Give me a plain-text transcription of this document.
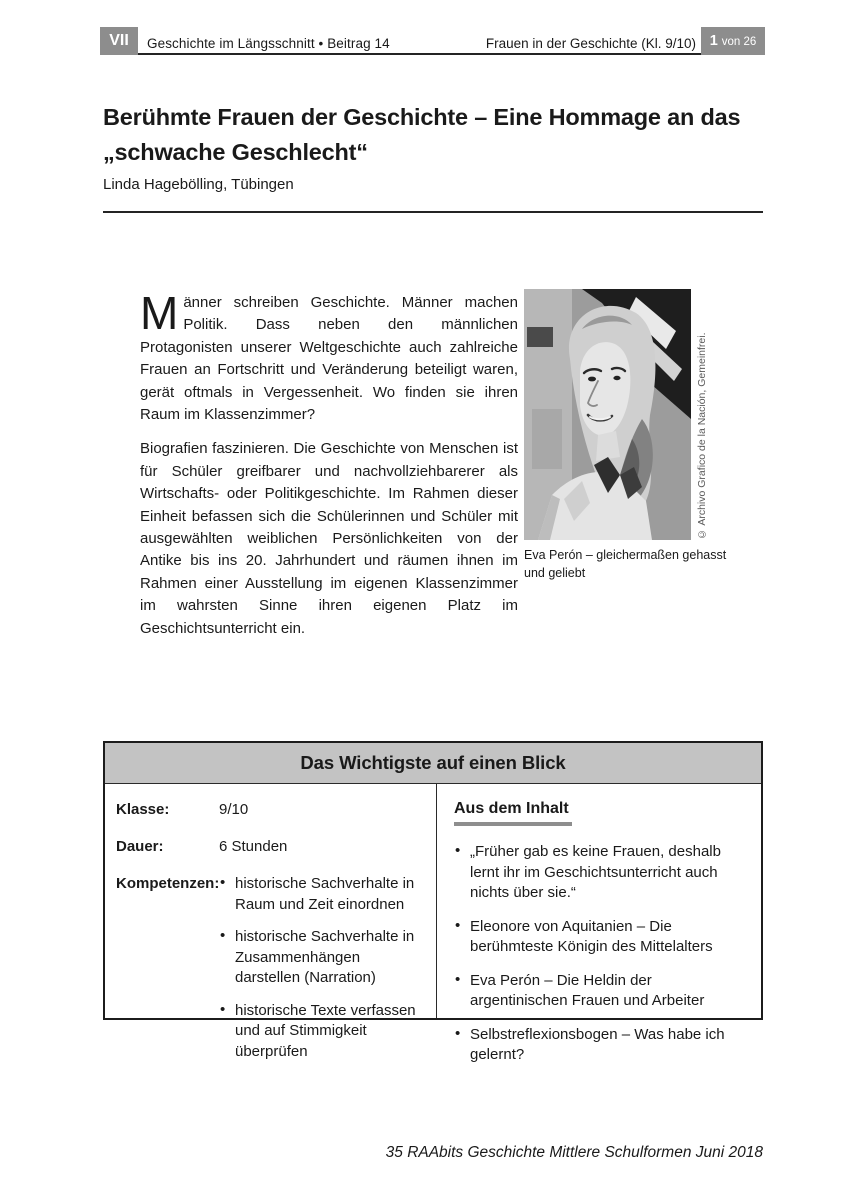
VII	Geschichte im Längsschnitt • Beitrag 14	Frauen in der Geschichte (Kl. 9/10) 1 von 26
Berühmte Frauen der Geschichte – Eine Hommage an das
„schwache Geschlecht“
Linda Hagebölling, Tübingen

Männer schreiben Geschichte. Männer machen Politik. Dass neben den männlichen Protagonisten unserer Weltgeschichte auch zahlreiche Frauen an Fortschritt und Veränderung beteiligt waren, gerät oftmals in Vergessenheit. Wo finden sie ihren Raum im Klassenzimmer?

Biografien faszinieren. Die Geschichte von Menschen ist für Schüler greifbarer und nachvollziehbarerer als Wirtschafts- oder Politikgeschichte. Im Rahmen dieser Einheit befassen sich die Schülerinnen und Schüler mit ausgewählten weiblichen Persönlichkeiten von der Antike bis ins 20. Jahrhundert und räumen ihnen im Rahmen einer Ausstellung im eigenen Klassenzimmer im wahrsten Sinne ihren eigenen Platz im Geschichtsunterricht ein.

© Archivo Grafico de la Nación, Gemeinfrei.
Eva Perón – gleichermaßen gehasst und geliebt
Das Wichtigste auf einen Blick
Klasse:	9/10
Dauer:	6 Stunden
Kompetenzen:	• historische Sachverhalte in Raum und Zeit einordnen
• historische Sachverhalte in Zusammenhängen darstellen (Narration)
• historische Texte verfassen und auf Stimmigkeit überprüfen
Aus dem Inhalt
• „Früher gab es keine Frauen, deshalb lernt ihr im Geschichtsunterricht auch nichts über sie.“
• Eleonore von Aquitanien – Die berühmteste Königin des Mittelalters
• Eva Perón – Die Heldin der argentinischen Frauen und Arbeiter
• Selbstreflexionsbogen – Was habe ich gelernt?
35 RAAbits Geschichte Mittlere Schulformen Juni 2018
